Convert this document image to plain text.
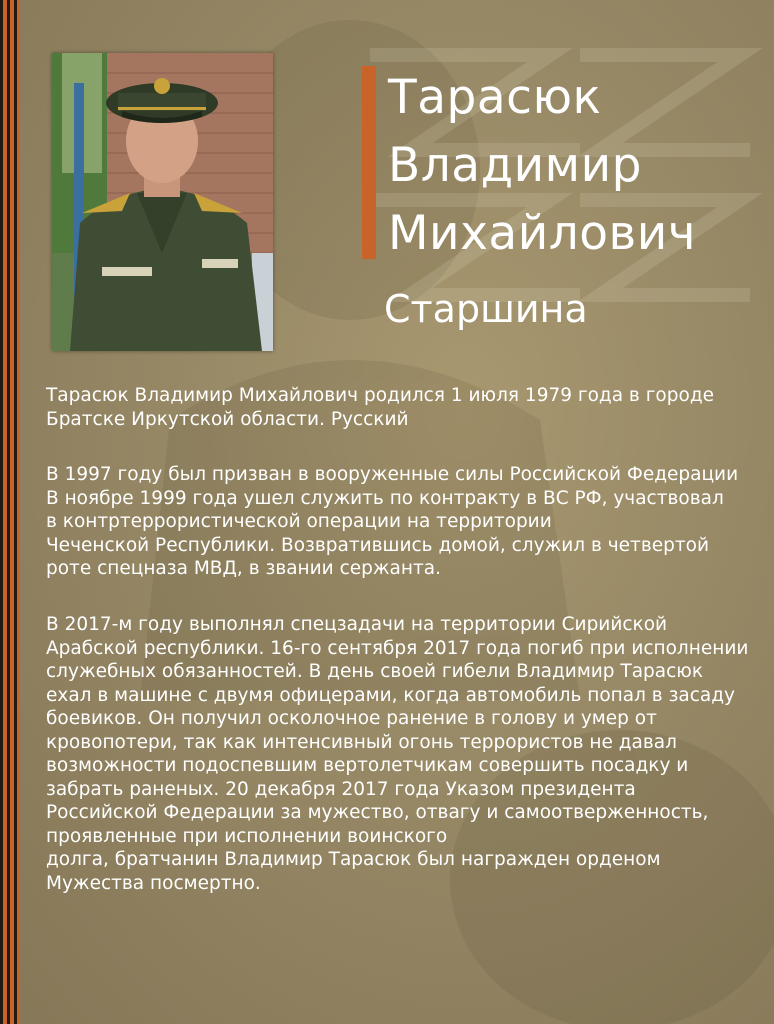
Тарасюк
Владимир
Михайлович
Старшина

Тарасюк Владимир Михайлович родился 1 июля 1979 года в городе
Братске Иркутской области. Русский

В 1997 году был призван в вооруженные силы Российской Федерации
В ноябре 1999 года ушел служить по контракту в ВС РФ, участвовал
в контртеррористической операции на территории
Чеченской Республики. Возвратившись домой, служил в четвертой
роте спецназа МВД, в звании сержанта.

В 2017-м году выполнял спецзадачи на территории Сирийской
Арабской республики. 16-го сентября 2017 года погиб при исполнении
служебных обязанностей. В день своей гибели Владимир Тарасюк
ехал в машине с двумя офицерами, когда автомобиль попал в засаду
боевиков. Он получил осколочное ранение в голову и умер от
кровопотери, так как интенсивный огонь террористов не давал
возможности подоспевшим вертолетчикам совершить посадку и
забрать раненых. 20 декабря 2017 года Указом президента
Российской Федерации за мужество, отвагу и самоотверженность,
проявленные при исполнении воинского
долга, братчанин Владимир Тарасюк был награжден орденом
Мужества посмертно.
